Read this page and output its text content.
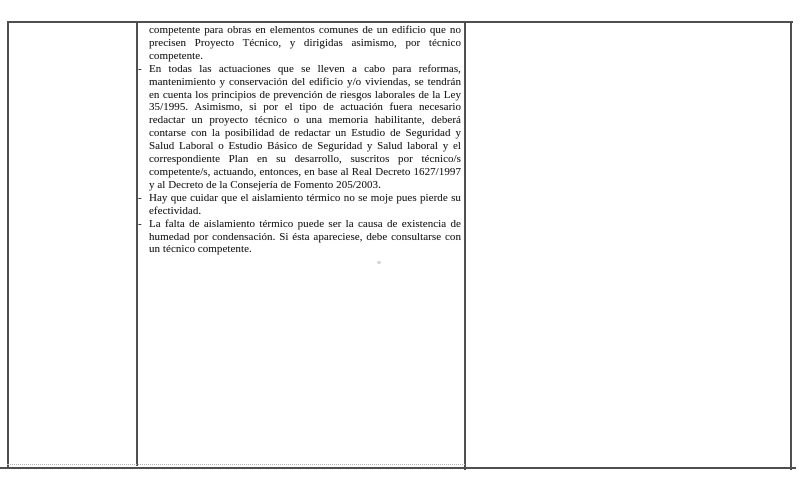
competente para obras en elementos comunes de un edificio que no precisen Proyecto Técnico, y dirigidas asimismo, por técnico competente.

- En todas las actuaciones que se lleven a cabo para reformas, mantenimiento y conservación del edificio y/o viviendas, se tendrán en cuenta los principios de prevención de riesgos laborales de la Ley 35/1995. Asimismo, si por el tipo de actuación fuera necesario redactar un proyecto técnico o una memoria habilitante, deberá contarse con la posibilidad de redactar un Estudio de Seguridad y Salud Laboral o Estudio Básico de Seguridad y Salud laboral y el correspondiente Plan en su desarrollo, suscritos por técnico/s competente/s, actuando, entonces, en base al Real Decreto 1627/1997 y al Decreto de la Consejería de Fomento 205/2003.

- Hay que cuidar que el aislamiento térmico no se moje pues pierde su efectividad.

- La falta de aislamiento térmico puede ser la causa de existencia de humedad por condensación. Si ésta apareciese, debe consultarse con un técnico competente.
